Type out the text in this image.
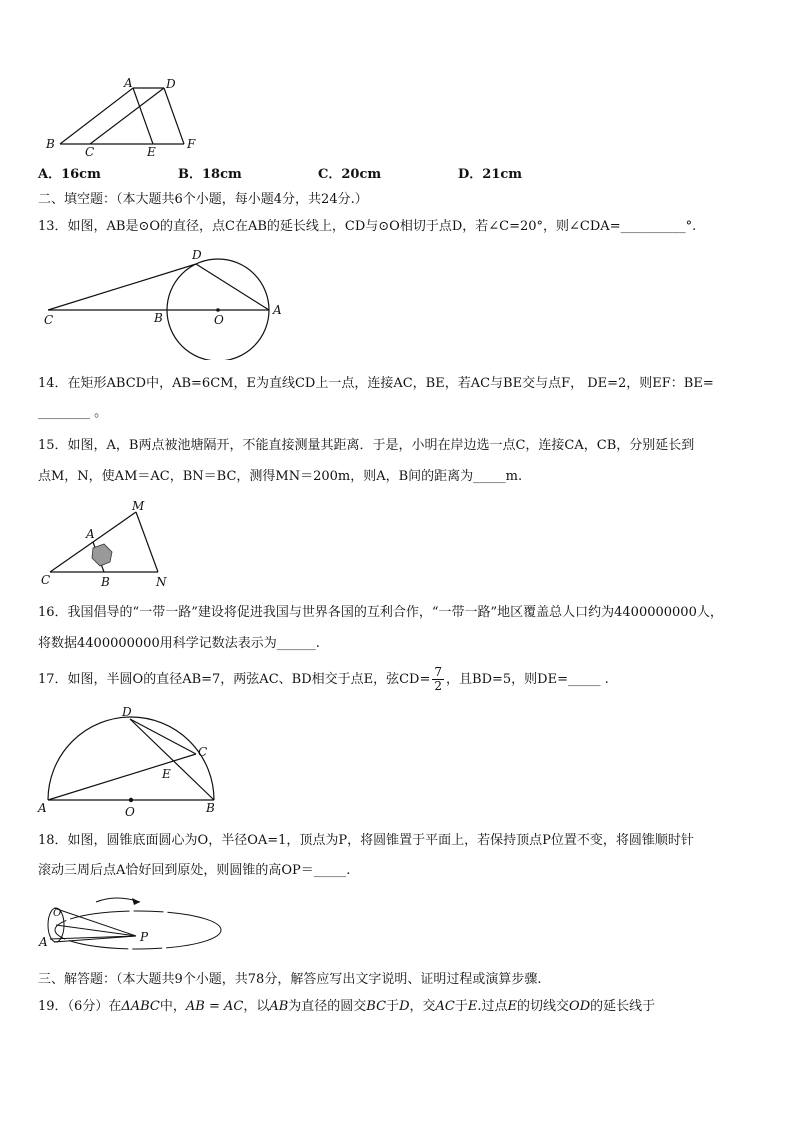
A	D
B
C	E
F
A．16cm	B．18cm	C．20cm	D．21cm
二、填空题：（本大题共6个小题，每小题4分，共24分.）
13．如图，AB是⊙O的直径，点C在AB的延长线上，CD与⊙O相切于点D，若∠C=20°，则∠CDA=__________°.
C	B	O
A
D
14．在矩形ABCD中，AB=6CM，E为直线CD上一点，连接AC，BE，若AC与BE交与点F， DE=2，则EF：BE=
________ 。
15．如图，A，B两点被池塘隔开，不能直接测量其距离．于是，小明在岸边选一点C，连接CA，CB，分别延长到
点M，N，使AM＝AC，BN＝BC，测得MN＝200m，则A，B间的距离为_____m.
M
A
C	B	N
16．我国倡导的“一带一路”建设将促进我国与世界各国的互利合作，“一带一路”地区覆盖总人口约为4400000000人，
将数据4400000000用科学记数法表示为______.
17．如图，半圆O的直径AB=7，两弦AC、BD相交于点E，弦$CD= \frac{7}{2}$ ，且BD=5，则DE=_____ .
D
C
E
A	O	B
18．如图，圆锥底面圆心为O，半径OA=1，顶点为P，将圆锥置于平面上，若保持顶点P位置不变，将圆锥顺时针
滚动三周后点A恰好回到原处，则圆锥的高OP＝_____.
O
A	P
三、解答题：（本大题共9个小题，共78分，解答应写出文字说明、证明过程或演算步骤.
19．（6分）在ΔABC中，AB = AC，以AB为直径的圆交BC于D，交AC于E.过点E的切线交OD的延长线于
